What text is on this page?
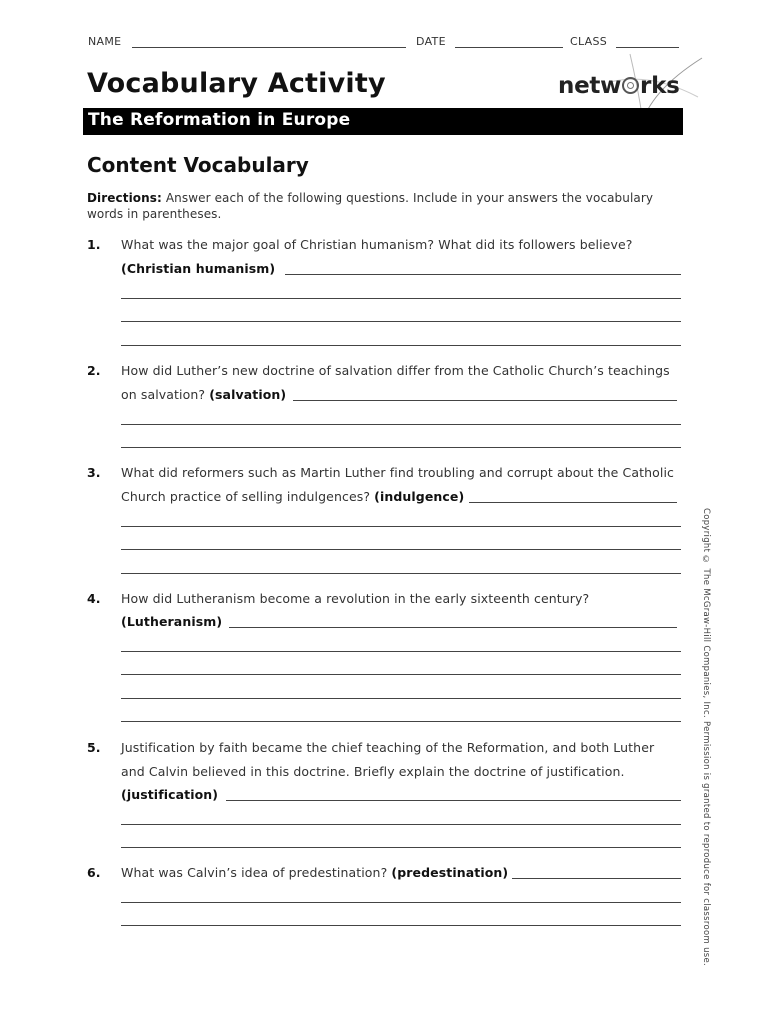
NAME	DATE	CLASS
Vocabulary Activity	netw rks
The Reformation in Europe
Content Vocabulary

Directions: Answer each of the following questions. Include in your answers the vocabulary words in parentheses.

1. What was the major goal of Christian humanism? What did its followers believe?
(Christian humanism)
2. How did Luther’s new doctrine of salvation differ from the Catholic Church’s teachings
on salvation? (salvation)
3. What did reformers such as Martin Luther find troubling and corrupt about the Catholic
Church practice of selling indulgences? (indulgence)
4. How did Lutheranism become a revolution in the early sixteenth century?
(Lutheranism)
5. Justification by faith became the chief teaching of the Reformation, and both Luther
and Calvin believed in this doctrine. Briefly explain the doctrine of justification.
(justification)
6. What was Calvin’s idea of predestination? (predestination)	Copyright © The McGraw-Hill Companies, Inc. Permission is granted to reproduce for classroom use.
